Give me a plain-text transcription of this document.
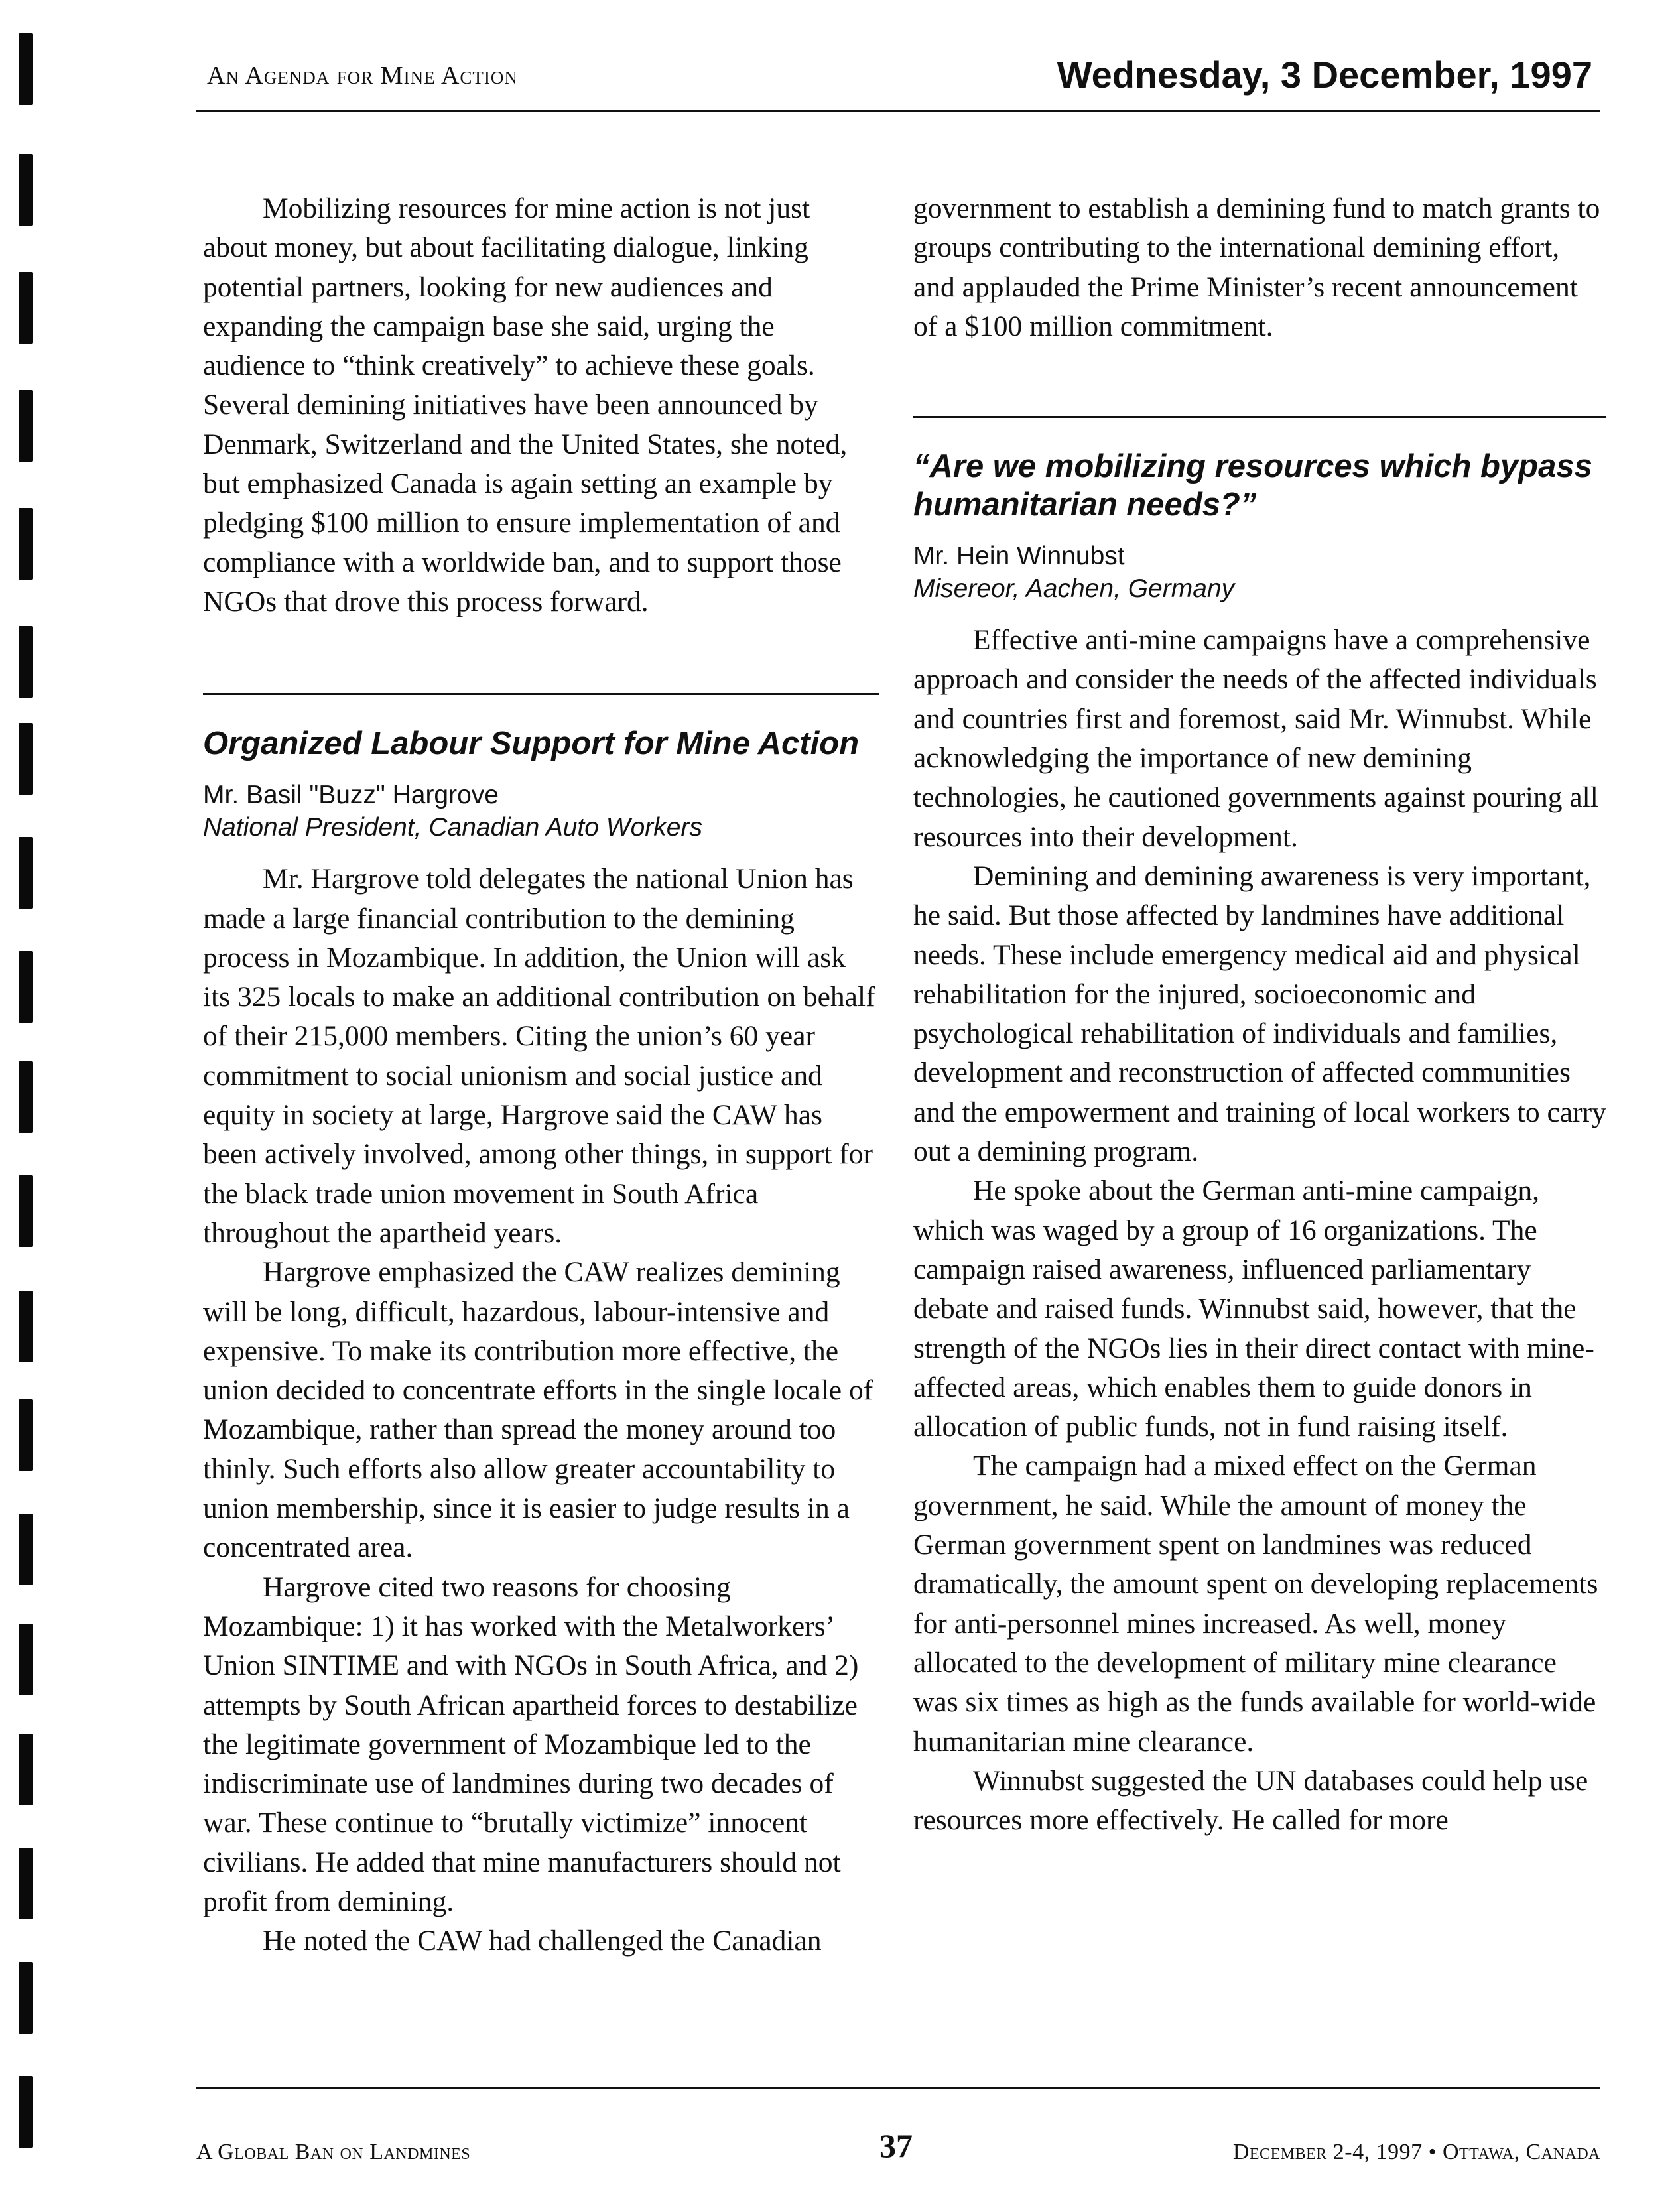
An Agenda for Mine Action	Wednesday, 3 December, 1997

Mobilizing resources for mine action is not just about money, but about facilitating dialogue, linking potential partners, looking for new audiences and expanding the campaign base she said, urging the audience to “think creatively” to achieve these goals. Several demining initiatives have been announced by Denmark, Switzerland and the United States, she noted, but emphasized Canada is again setting an example by pledging $100 million to ensure implementation of and compliance with a worldwide ban, and to support those NGOs that drove this process forward.

Organized Labour Support for Mine Action
Mr. Basil "Buzz" Hargrove
National President, Canadian Auto Workers

Mr. Hargrove told delegates the national Union has made a large financial contribution to the demining process in Mozambique. In addition, the Union will ask its 325 locals to make an additional contribution on behalf of their 215,000 members. Citing the union’s 60 year commitment to social unionism and social justice and equity in society at large, Hargrove said the CAW has been actively involved, among other things, in support for the black trade union movement in South Africa throughout the apartheid years.

Hargrove emphasized the CAW realizes demining will be long, difficult, hazardous, labour-intensive and expensive. To make its contribution more effective, the union decided to concentrate efforts in the single locale of Mozambique, rather than spread the money around too thinly. Such efforts also allow greater accountability to union membership, since it is easier to judge results in a concentrated area.

Hargrove cited two reasons for choosing Mozambique: 1) it has worked with the Metalworkers’ Union SINTIME and with NGOs in South Africa, and 2) attempts by South African apartheid forces to destabilize the legitimate government of Mozambique led to the indiscriminate use of landmines during two decades of war. These continue to “brutally victimize” innocent civilians. He added that mine manufacturers should not profit from demining.

He noted the CAW had challenged the Canadian

government to establish a demining fund to match grants to groups contributing to the international demining effort, and applauded the Prime Minister’s recent announcement of a $100 million commitment.

“Are we mobilizing resources which bypass humanitarian needs?”
Mr. Hein Winnubst
Misereor, Aachen, Germany

Effective anti-mine campaigns have a comprehensive approach and consider the needs of the affected individuals and countries first and foremost, said Mr. Winnubst. While acknowledging the importance of new demining technologies, he cautioned governments against pouring all resources into their development.

Demining and demining awareness is very important, he said. But those affected by landmines have additional needs. These include emergency medical aid and physical rehabilitation for the injured, socioeconomic and psychological rehabilitation of individuals and families, development and reconstruction of affected communities and the empowerment and training of local workers to carry out a demining program.

He spoke about the German anti-mine campaign, which was waged by a group of 16 organizations. The campaign raised awareness, influenced parliamentary debate and raised funds. Winnubst said, however, that the strength of the NGOs lies in their direct contact with mine-affected areas, which enables them to guide donors in allocation of public funds, not in fund raising itself.

The campaign had a mixed effect on the German government, he said. While the amount of money the German government spent on landmines was reduced dramatically, the amount spent on developing replacements for anti-personnel mines increased. As well, money allocated to the development of military mine clearance was six times as high as the funds available for world-wide humanitarian mine clearance.

Winnubst suggested the UN databases could help use resources more effectively. He called for more

A Global Ban on Landmines	37	December 2-4, 1997 • Ottawa, Canada
